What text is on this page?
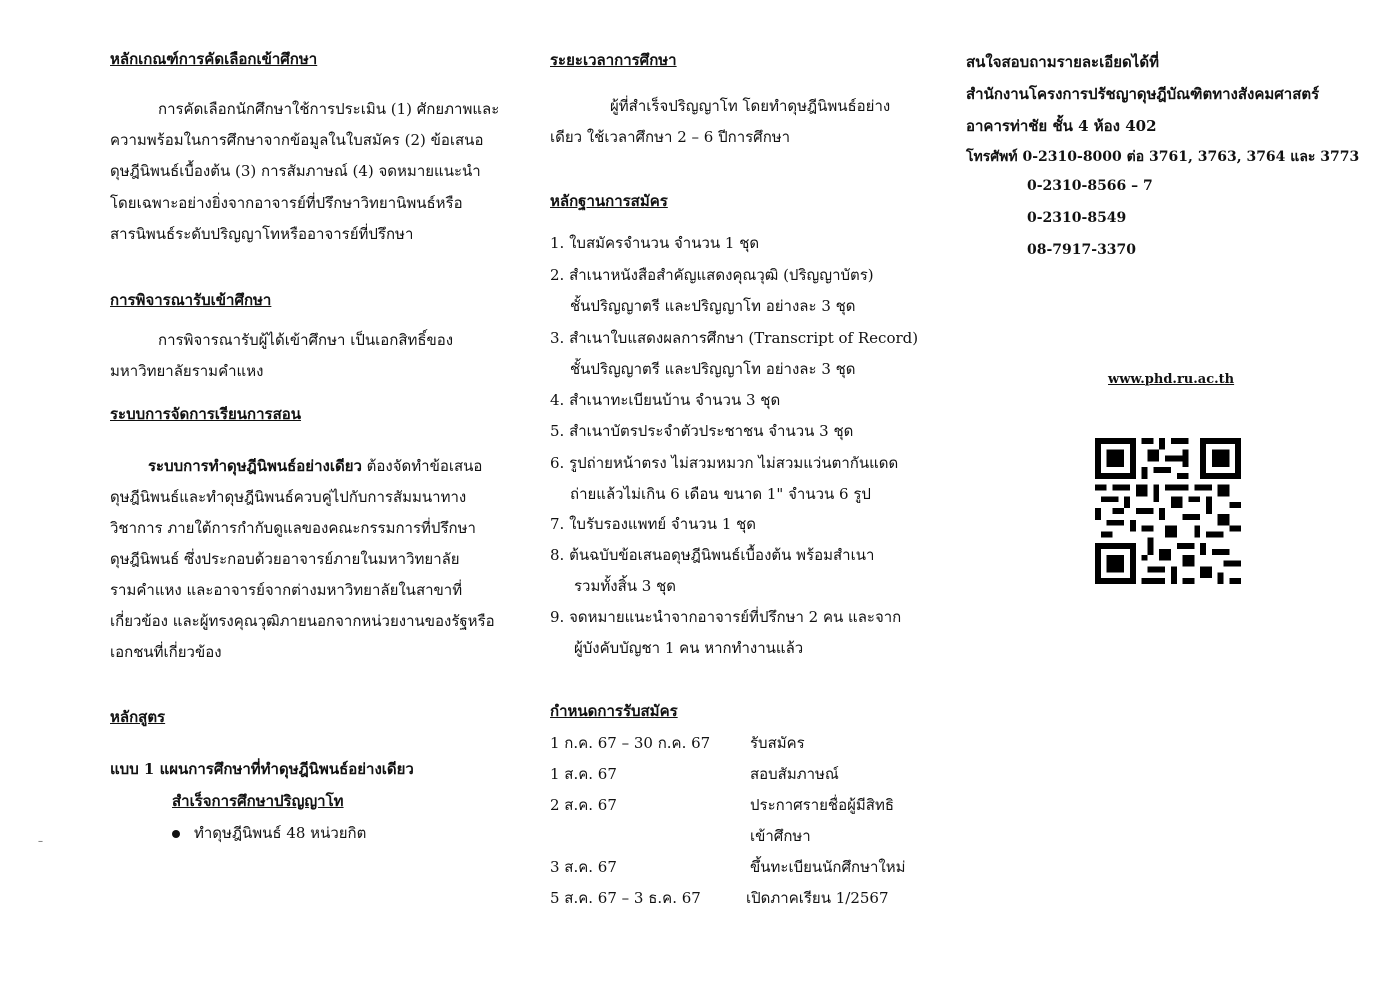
หลักเกณฑ์การคัดเลือกเข้าศึกษา
การคัดเลือกนักศึกษาใช้การประเมิน (1) ศักยภาพและ
ความพร้อมในการศึกษาจากข้อมูลในใบสมัคร (2) ข้อเสนอ
ดุษฎีนิพนธ์เบื้องต้น (3) การสัมภาษณ์ (4) จดหมายแนะนำ
โดยเฉพาะอย่างยิ่งจากอาจารย์ที่ปรึกษาวิทยานิพนธ์หรือ
สารนิพนธ์ระดับปริญญาโทหรืออาจารย์ที่ปรึกษา
การพิจารณารับเข้าศึกษา
การพิจารณารับผู้ได้เข้าศึกษา เป็นเอกสิทธิ์ของ
มหาวิทยาลัยรามคำแหง
ระบบการจัดการเรียนการสอน
ระบบการทำดุษฎีนิพนธ์อย่างเดียว ต้องจัดทำข้อเสนอ
ดุษฎีนิพนธ์และทำดุษฎีนิพนธ์ควบคู่ไปกับการสัมมนาทาง
วิชาการ ภายใต้การกำกับดูแลของคณะกรรมการที่ปรึกษา
ดุษฎีนิพนธ์ ซึ่งประกอบด้วยอาจารย์ภายในมหาวิทยาลัย
รามคำแหง และอาจารย์จากต่างมหาวิทยาลัยในสาขาที่
เกี่ยวข้อง และผู้ทรงคุณวุฒิภายนอกจากหน่วยงานของรัฐหรือ
เอกชนที่เกี่ยวข้อง
หลักสูตร
แบบ 1 แผนการศึกษาที่ทำดุษฎีนิพนธ์อย่างเดียว
สำเร็จการศึกษาปริญญาโท
ทำดุษฎีนิพนธ์ 48 หน่วยกิต
–
ระยะเวลาการศึกษา
ผู้ที่สำเร็จปริญญาโท โดยทำดุษฎีนิพนธ์อย่าง
เดียว ใช้เวลาศึกษา 2 – 6 ปีการศึกษา
หลักฐานการสมัคร
1. ใบสมัครจำนวน จำนวน 1 ชุด
2. สำเนาหนังสือสำคัญแสดงคุณวุฒิ (ปริญญาบัตร)
ชั้นปริญญาตรี และปริญญาโท อย่างละ 3 ชุด
3. สำเนาใบแสดงผลการศึกษา (Transcript of Record)
ชั้นปริญญาตรี และปริญญาโท อย่างละ 3 ชุด
4. สำเนาทะเบียนบ้าน จำนวน 3 ชุด
5. สำเนาบัตรประจำตัวประชาชน จำนวน 3 ชุด
6. รูปถ่ายหน้าตรง ไม่สวมหมวก ไม่สวมแว่นตากันแดด
ถ่ายแล้วไม่เกิน 6 เดือน ขนาด 1" จำนวน 6 รูป
7. ใบรับรองแพทย์ จำนวน 1 ชุด
8. ต้นฉบับข้อเสนอดุษฎีนิพนธ์เบื้องต้น พร้อมสำเนา
รวมทั้งสิ้น 3 ชุด
9. จดหมายแนะนำจากอาจารย์ที่ปรึกษา 2 คน และจาก
ผู้บังคับบัญชา 1 คน หากทำงานแล้ว
กำหนดการรับสมัคร
1 ก.ค. 67 – 30 ก.ค. 67	รับสมัคร
1 ส.ค. 67	สอบสัมภาษณ์
2 ส.ค. 67	ประกาศรายชื่อผู้มีสิทธิ
เข้าศึกษา
3 ส.ค. 67	ขึ้นทะเบียนนักศึกษาใหม่
5 ส.ค. 67 – 3 ธ.ค. 67	เปิดภาคเรียน 1/2567
สนใจสอบถามรายละเอียดได้ที่
สำนักงานโครงการปรัชญาดุษฎีบัณฑิตทางสังคมศาสตร์
อาคารท่าชัย ชั้น 4 ห้อง 402
โทรศัพท์ 0-2310-8000 ต่อ 3761, 3763, 3764 และ 3773
0-2310-8566 – 7
0-2310-8549
08-7917-3370
www.phd.ru.ac.th
